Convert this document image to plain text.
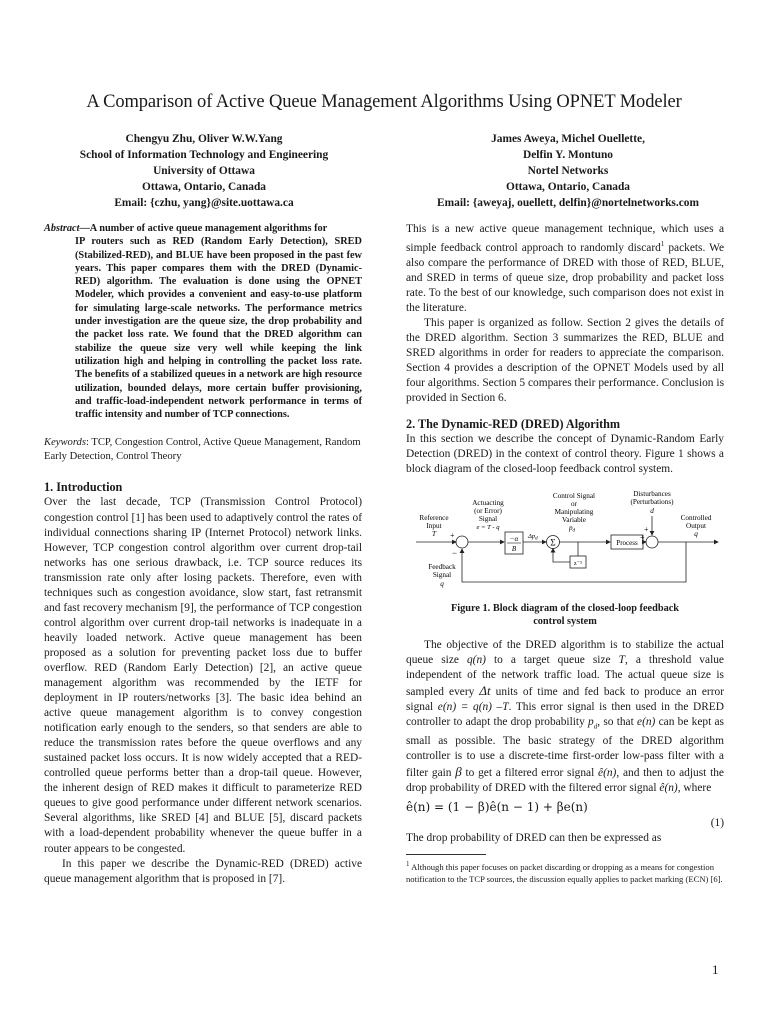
A Comparison of Active Queue Management Algorithms Using OPNET Modeler
Chengyu Zhu, Oliver W.W.Yang
School of Information Technology and Engineering
University of Ottawa
Ottawa, Ontario, Canada
Email: {czhu, yang}@site.uottawa.ca
James Aweya, Michel Ouellette,
Delfin Y. Montuno
Nortel Networks
Ottawa, Ontario, Canada
Email: {aweyaj, ouellett, delfin}@nortelnetworks.com
Abstract—A number of active queue management algorithms for
IP routers such as RED (Random Early Detection), SRED (Stabilized-RED), and BLUE have been proposed in the past few years. This paper compares them with the DRED (Dynamic-RED) algorithm. The evaluation is done using the OPNET Modeler, which provides a convenient and easy-to-use platform for simulating large-scale networks. The performance metrics under investigation are the queue size, the drop probability and the packet loss rate. We found that the DRED algorithm can stabilize the queue size very well while keeping the link utilization high and helping in controlling the packet loss rate. The benefits of a stabilized queues in a network are high resource utilization, bounded delays, more certain buffer provisioning, and traffic-load-independent network performance in terms of traffic intensity and number of TCP connections.
Keywords: TCP, Congestion Control, Active Queue Management, Random Early Detection, Control Theory
1. Introduction
Over the last decade, TCP (Transmission Control Protocol) congestion control [1] has been used to adaptively control the rates of individual connections sharing IP (Internet Protocol) network links. However, TCP congestion control algorithm over current drop-tail networks has one serious drawback, i.e. TCP source reduces its transmission rate only after losing packets. Therefore, even with techniques such as congestion avoidance, slow start, fast retransmit and fast recovery mechanism [9], the performance of TCP congestion control algorithm over current drop-tail networks is inadequate in a heavily loaded network. Active queue management has been proposed as a solution for preventing packet loss due to buffer overflow. RED (Random Early Detection) [2], an active queue management algorithm was recommended by the IETF for deployment in IP routers/networks [3]. The basic idea behind an active queue management algorithm is to convey congestion notification early enough to the senders, so that senders are able to reduce the transmission rates before the queue overflows and any sustained packet loss occurs. It is now widely accepted that a RED-controlled queue performs better than a drop-tail queue. However, the inherent design of RED makes it difficult to parameterize RED queues to give good performance under different network scenarios. Several algorithms, like SRED [4] and BLUE [5], discard packets with a load-dependent probability whenever the queue buffer in a router appears to be congested.
In this paper we describe the Dynamic-RED (DRED) active queue management algorithm that is proposed in [7].
This is a new active queue management technique, which uses a simple feedback control approach to randomly discard$^1$ packets. We also compare the performance of DRED with those of RED, BLUE, and SRED in terms of queue size, drop probability and packet loss rate. To the best of our knowledge, such comparison does not exist in the literature.
This paper is organized as follow. Section 2 gives the details of the DRED algorithm. Section 3 summarizes the RED, BLUE and SRED algorithms in order for readers to appreciate the comparison. Section 4 provides a description of the OPNET Models used by all four algorithms. Section 5 compares their performance. Conclusion is provided in Section 6.
2. The Dynamic-RED (DRED) Algorithm
In this section we describe the concept of Dynamic-Random Early Detection (DRED) in the context of control theory. Figure 1 shows a block diagram of the closed-loop feedback control system.
Reference
Input
T
Actuacting
(or Error)
Signal
e = T - q
Control Signal
or
Manipulating
Variable
$p_d$
Disturbances
(Perturbations)
d
Controlled
Output
q
+
−
−α
B
$\Delta p_d$ Σ
z⁻¹
Process
+
+
Feedback
Signal
q
Figure 1. Block diagram of the closed-loop feedback control system
The objective of the DRED algorithm is to stabilize the actual queue size q(n) to a target queue size T, a threshold value independent of the network traffic load. The actual queue size is sampled every Δt units of time and fed back to produce an error signal e(n) = q(n) –T. This error signal is then used in the DRED controller to adapt the drop probability $p_d$, so that e(n) can be kept as small as possible. The basic strategy of the DRED algorithm controller is to use a discrete-time first-order low-pass filter with a filter gain β to get a filtered error signal ê(n), and then to adjust the drop probability of DRED with the filtered error signal ê(n), where
ê(n) = (1 − β)ê(n − 1) + βe(n)
(1)
The drop probability of DRED can then be expressed as
$^1$ Although this paper focuses on packet discarding or dropping as a means for congestion notification to the TCP sources, the discussion equally applies to packet marking (ECN) [6].
1
